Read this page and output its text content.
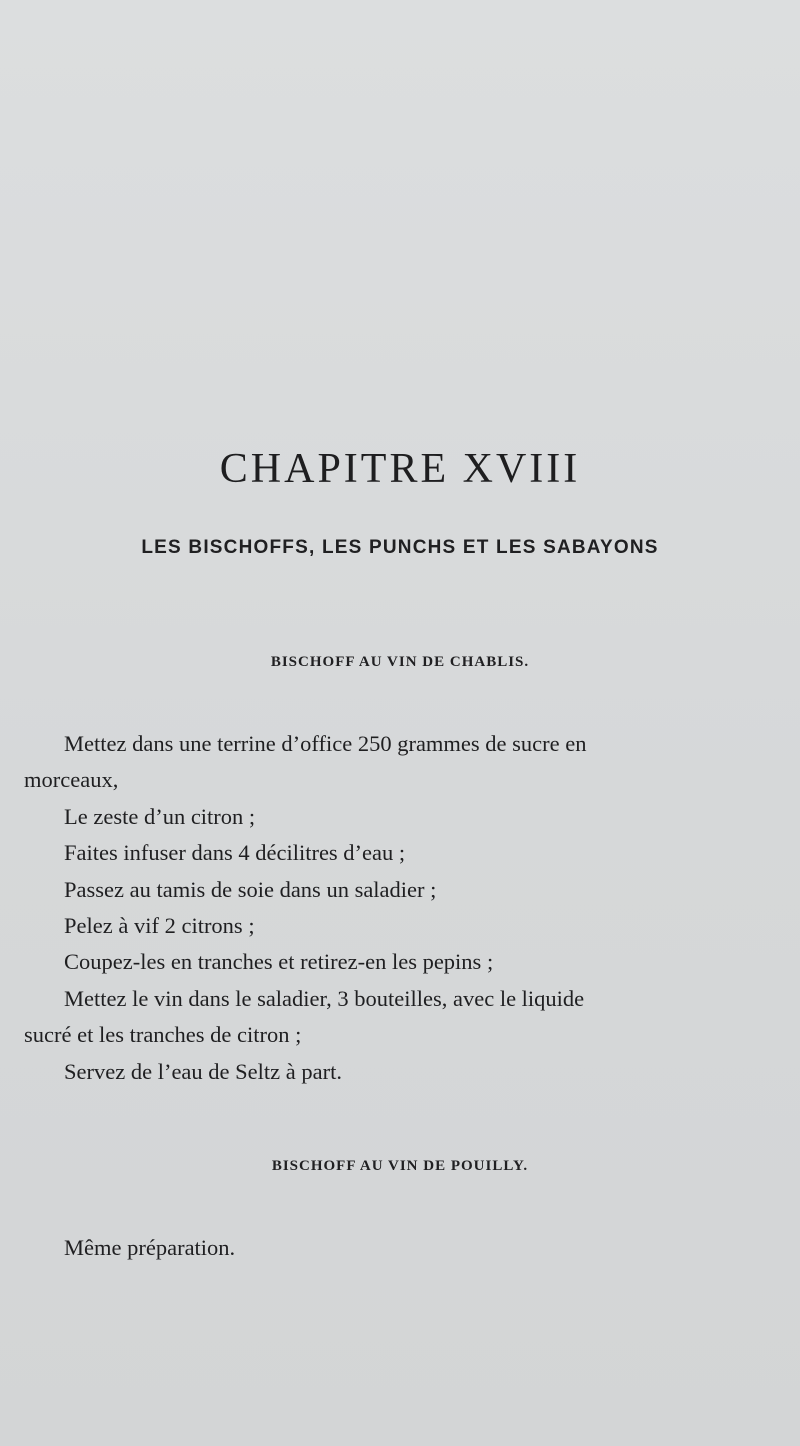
CHAPITRE XVIII
LES BISCHOFFS, LES PUNCHS ET LES SABAYONS
BISCHOFF AU VIN DE CHABLIS.
Mettez dans une terrine d’office 250 grammes de sucre en
morceaux,
Le zeste d’un citron ;
Faites infuser dans 4 décilitres d’eau ;
Passez au tamis de soie dans un saladier ;
Pelez à vif 2 citrons ;
Coupez-les en tranches et retirez-en les pepins ;
Mettez le vin dans le saladier, 3 bouteilles, avec le liquide
sucré et les tranches de citron ;
Servez de l’eau de Seltz à part.
BISCHOFF AU VIN DE POUILLY.
Même préparation.
